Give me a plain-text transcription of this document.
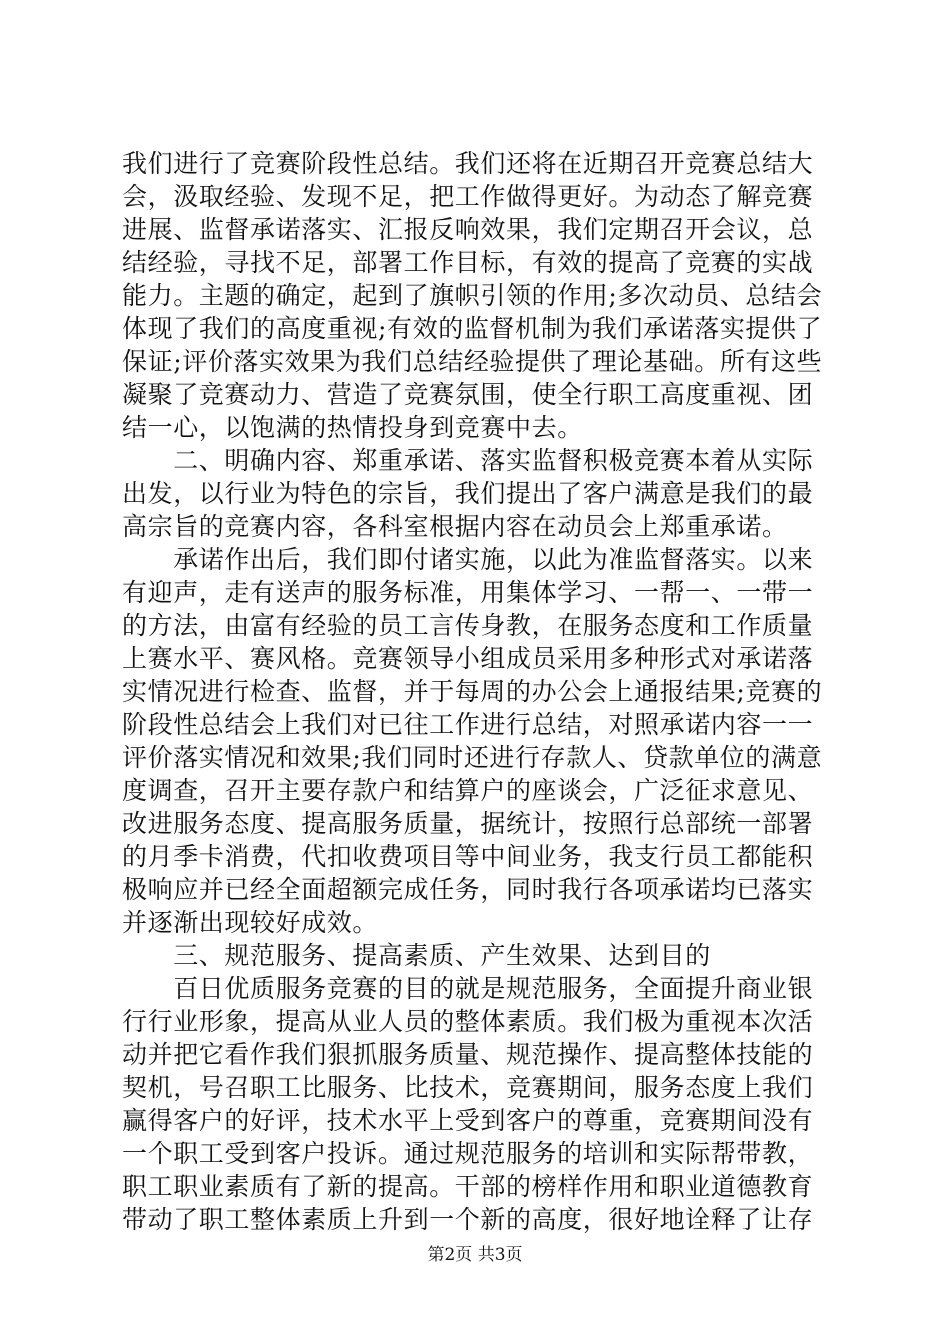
我们进行了竞赛阶段性总结。我们还将在近期召开竞赛总结大
会，汲取经验、发现不足，把工作做得更好。为动态了解竞赛
进展、监督承诺落实、汇报反响效果，我们定期召开会议，总
结经验，寻找不足，部署工作目标，有效的提高了竞赛的实战
能力。主题的确定，起到了旗帜引领的作用;多次动员、总结会
体现了我们的高度重视;有效的监督机制为我们承诺落实提供了
保证;评价落实效果为我们总结经验提供了理论基础。所有这些
凝聚了竞赛动力、营造了竞赛氛围，使全行职工高度重视、团
结一心，以饱满的热情投身到竞赛中去。
　　二、明确内容、郑重承诺、落实监督积极竞赛本着从实际
出发，以行业为特色的宗旨，我们提出了客户满意是我们的最
高宗旨的竞赛内容，各科室根据内容在动员会上郑重承诺。
　　承诺作出后，我们即付诸实施，以此为准监督落实。以来
有迎声，走有送声的服务标准，用集体学习、一帮一、一带一
的方法，由富有经验的员工言传身教，在服务态度和工作质量
上赛水平、赛风格。竞赛领导小组成员采用多种形式对承诺落
实情况进行检查、监督，并于每周的办公会上通报结果;竞赛的
阶段性总结会上我们对已往工作进行总结，对照承诺内容一一
评价落实情况和效果;我们同时还进行存款人、贷款单位的满意
度调查，召开主要存款户和结算户的座谈会，广泛征求意见、
改进服务态度、提高服务质量，据统计，按照行总部统一部署
的月季卡消费，代扣收费项目等中间业务，我支行员工都能积
极响应并已经全面超额完成任务，同时我行各项承诺均已落实
并逐渐出现较好成效。
　　三、规范服务、提高素质、产生效果、达到目的
　　百日优质服务竞赛的目的就是规范服务，全面提升商业银
行行业形象，提高从业人员的整体素质。我们极为重视本次活
动并把它看作我们狠抓服务质量、规范操作、提高整体技能的
契机，号召职工比服务、比技术，竞赛期间，服务态度上我们
赢得客户的好评，技术水平上受到客户的尊重，竞赛期间没有
一个职工受到客户投诉。通过规范服务的培训和实际帮带教，
职工职业素质有了新的提高。干部的榜样作用和职业道德教育
带动了职工整体素质上升到一个新的高度，很好地诠释了让存
第2页 共3页
